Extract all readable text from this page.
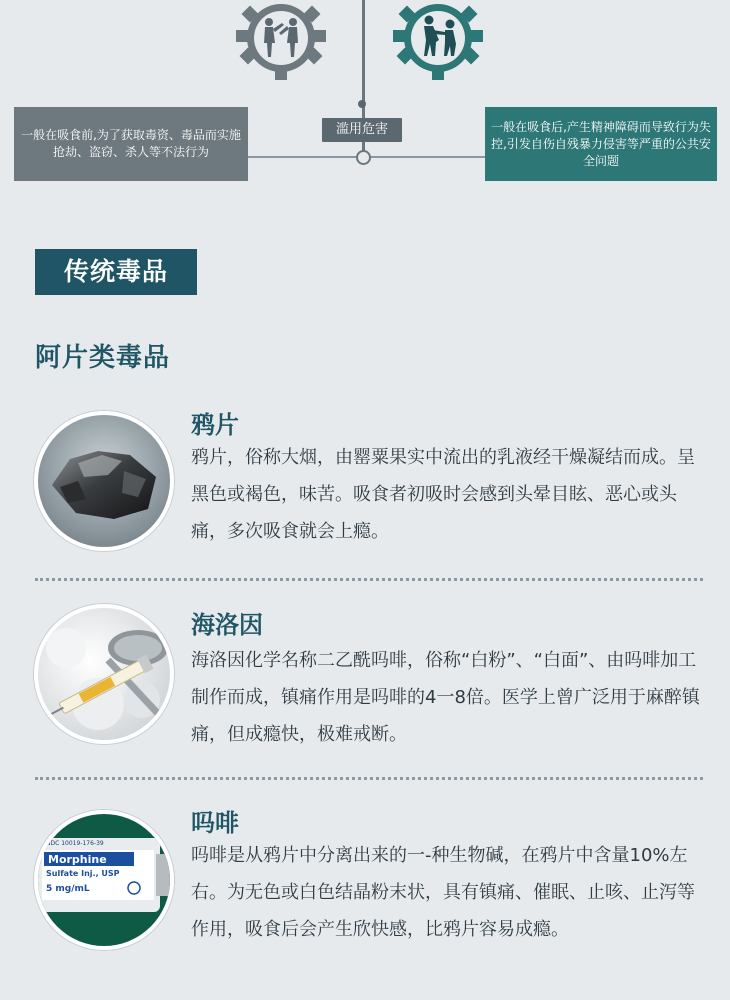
滥用危害
一般在吸食前,为了获取毒资、毒品而实施抢劫、盗窃、杀人等不法行为
一般在吸食后,产生精神障碍而导致行为失控,引发自伤自残暴力侵害等严重的公共安全问题
传统毒品
阿片类毒品
鸦片
鸦片，俗称大烟，由罂粟果实中流出的乳液经干燥凝结而成。呈黑色或褐色，味苦。吸食者初吸时会感到头晕目眩、恶心或头痛，多次吸食就会上瘾。
海洛因
海洛因化学名称二乙酰吗啡，俗称“白粉”、“白面”、由吗啡加工制作而成，镇痛作用是吗啡的4一8倍。医学上曾广泛用于麻醉镇痛，但成瘾快，极难戒断。
NDC 10019-176-39
Morphine
Sulfate Inj., USP
5 mg/mL
吗啡
吗啡是从鸦片中分离出来的一-种生物碱，在鸦片中含量10%左右。为无色或白色结晶粉末状，具有镇痛、催眠、止咳、止泻等作用，吸食后会产生欣快感，比鸦片容易成瘾。
